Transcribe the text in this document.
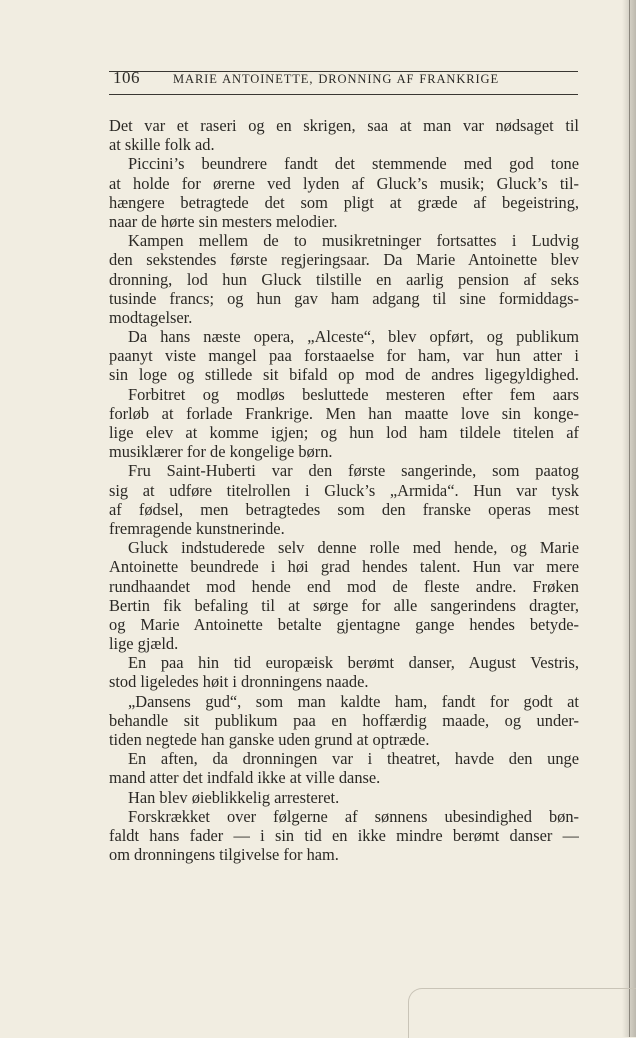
106	MARIE ANTOINETTE, DRONNING AF FRANKRIGE
Det var et raseri og en skrigen, saa at man var nødsaget til
at skille folk ad.
Piccini’s beundrere fandt det stemmende med god tone
at holde for ørerne ved lyden af Gluck’s musik; Gluck’s til-
hængere betragtede det som pligt at græde af begeistring,
naar de hørte sin mesters melodier.
Kampen mellem de to musikretninger fortsattes i Ludvig
den sekstendes første regjeringsaar. Da Marie Antoinette blev
dronning, lod hun Gluck tilstille en aarlig pension af seks
tusinde francs; og hun gav ham adgang til sine formiddags-
modtagelser.
Da hans næste opera, „Alceste“, blev opført, og publikum
paanyt viste mangel paa forstaaelse for ham, var hun atter i
sin loge og stillede sit bifald op mod de andres ligegyldighed.
Forbitret og modløs besluttede mesteren efter fem aars
forløb at forlade Frankrige. Men han maatte love sin konge-
lige elev at komme igjen; og hun lod ham tildele titelen af
musiklærer for de kongelige børn.
Fru Saint-Huberti var den første sangerinde, som paatog
sig at udføre titelrollen i Gluck’s „Armida“. Hun var tysk
af fødsel, men betragtedes som den franske operas mest
fremragende kunstnerinde.
Gluck indstuderede selv denne rolle med hende, og Marie
Antoinette beundrede i høi grad hendes talent. Hun var mere
rundhaandet mod hende end mod de fleste andre. Frøken
Bertin fik befaling til at sørge for alle sangerindens dragter,
og Marie Antoinette betalte gjentagne gange hendes betyde-
lige gjæld.
En paa hin tid europæisk berømt danser, August Vestris,
stod ligeledes høit i dronningens naade.
„Dansens gud“, som man kaldte ham, fandt for godt at
behandle sit publikum paa en hoffærdig maade, og under-
tiden negtede han ganske uden grund at optræde.
En aften, da dronningen var i theatret, havde den unge
mand atter det indfald ikke at ville danse.
Han blev øieblikkelig arresteret.
Forskrækket over følgerne af sønnens ubesindighed bøn-
faldt hans fader — i sin tid en ikke mindre berømt danser —
om dronningens tilgivelse for ham.
